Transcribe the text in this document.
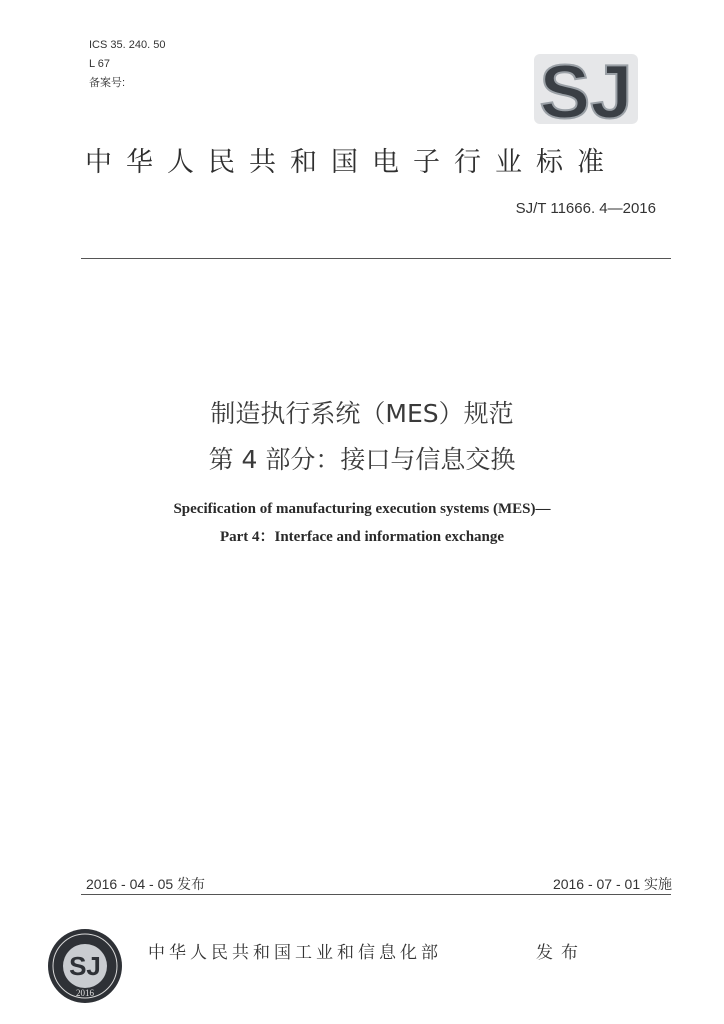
ICS 35. 240. 50
L 67
备案号:	SJ
中华人民共和国电子行业标准
SJ/T 11666. 4—2016
制造执行系统（MES）规范
第 4 部分：接口与信息交换
Specification of manufacturing execution systems (MES)—
Part 4：Interface and information exchange
2016 - 04 - 05 发布	2016 - 07 - 01 实施
SJ
2016
中华人民共和国工业和信息化部	发布
